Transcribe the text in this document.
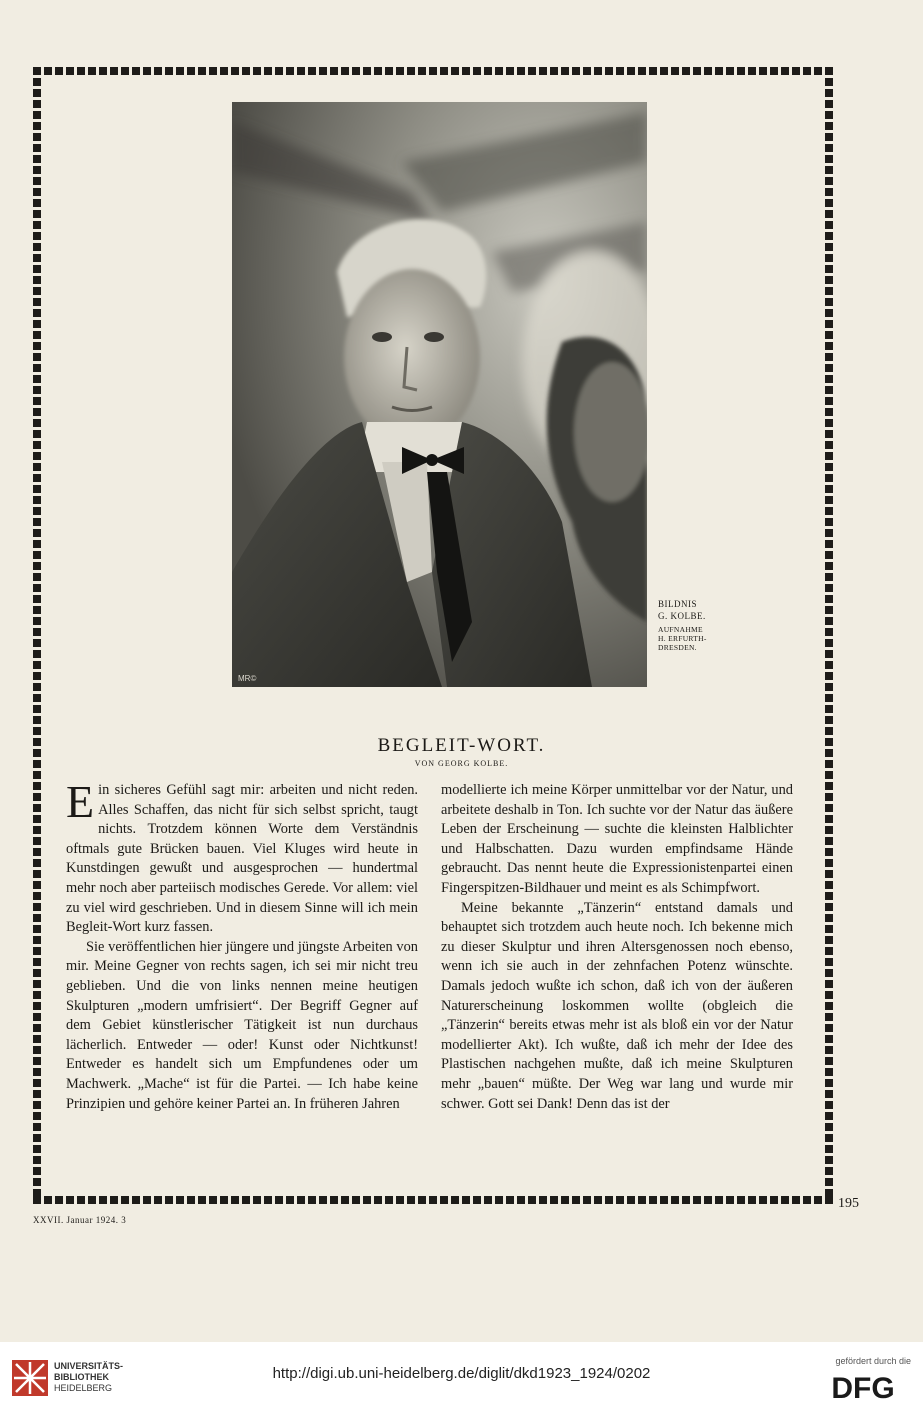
MR©
BILDNIS
G. KOLBE.
AUFNAHME
H. ERFURTH-
DRESDEN.
BEGLEIT-WORT.
VON GEORG KOLBE.

Ein sicheres Gefühl sagt mir: arbeiten und nicht reden. Alles Schaffen, das nicht für sich selbst spricht, taugt nichts. Trotzdem können Worte dem Verständnis oftmals gute Brücken bauen. Viel Kluges wird heute in Kunstdingen gewußt und ausgesprochen — hundertmal mehr noch aber parteiisch modisches Gerede. Vor allem: viel zu viel wird geschrieben. Und in diesem Sinne will ich mein Begleit-Wort kurz fassen.

Sie veröffentlichen hier jüngere und jüngste Arbeiten von mir. Meine Gegner von rechts sagen, ich sei mir nicht treu geblieben. Und die von links nennen meine heutigen Skulpturen „modern umfrisiert“. Der Begriff Gegner auf dem Gebiet künstlerischer Tätigkeit ist nun durchaus lächerlich. Entweder — oder! Kunst oder Nichtkunst! Entweder es handelt sich um Empfundenes oder um Machwerk. „Mache“ ist für die Partei. — Ich habe keine Prinzipien und gehöre keiner Partei an. In früheren Jahren

modellierte ich meine Körper unmittelbar vor der Natur, und arbeitete deshalb in Ton. Ich suchte vor der Natur das äußere Leben der Erscheinung — suchte die kleinsten Halblichter und Halbschatten. Dazu wurden empfindsame Hände gebraucht. Das nennt heute die Expressionistenpartei einen Fingerspitzen-Bildhauer und meint es als Schimpfwort.

Meine bekannte „Tänzerin“ entstand damals und behauptet sich trotzdem auch heute noch. Ich bekenne mich zu dieser Skulptur und ihren Altersgenossen noch ebenso, wenn ich sie auch in der zehnfachen Potenz wünschte. Damals jedoch wußte ich schon, daß ich von der äußeren Naturerscheinung loskommen wollte (obgleich die „Tänzerin“ bereits etwas mehr ist als bloß ein vor der Natur modellierter Akt). Ich wußte, daß ich mehr der Idee des Plastischen nachgehen mußte, daß ich meine Skulpturen mehr „bauen“ müßte. Der Weg war lang und wurde mir schwer. Gott sei Dank! Denn das ist der

195
XXVII. Januar 1924. 3
UNIVERSITÄTS-
BIBLIOTHEK
HEIDELBERG
http://digi.ub.uni-heidelberg.de/diglit/dkd1923_1924/0202
gefördert durch die
DFG
